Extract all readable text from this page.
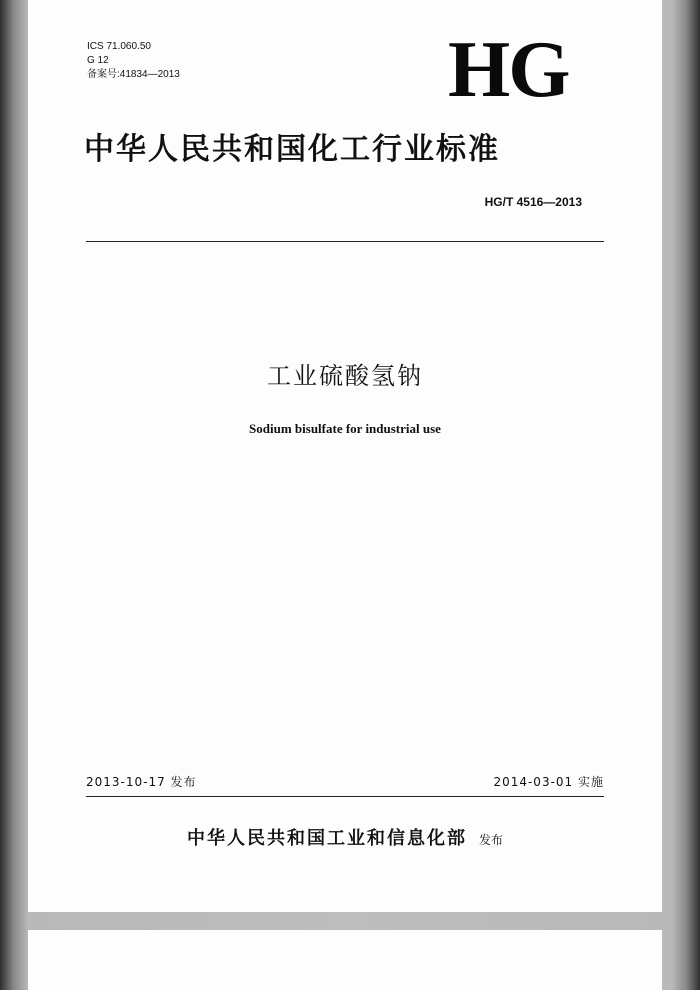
ICS 71.060.50
G 12
备案号:41834—2013	HG
中华人民共和国化工行业标准
HG/T 4516—2013
工业硫酸氢钠
Sodium bisulfate for industrial use
2013-10-17 发布	2014-03-01 实施
中华人民共和国工业和信息化部 发布
